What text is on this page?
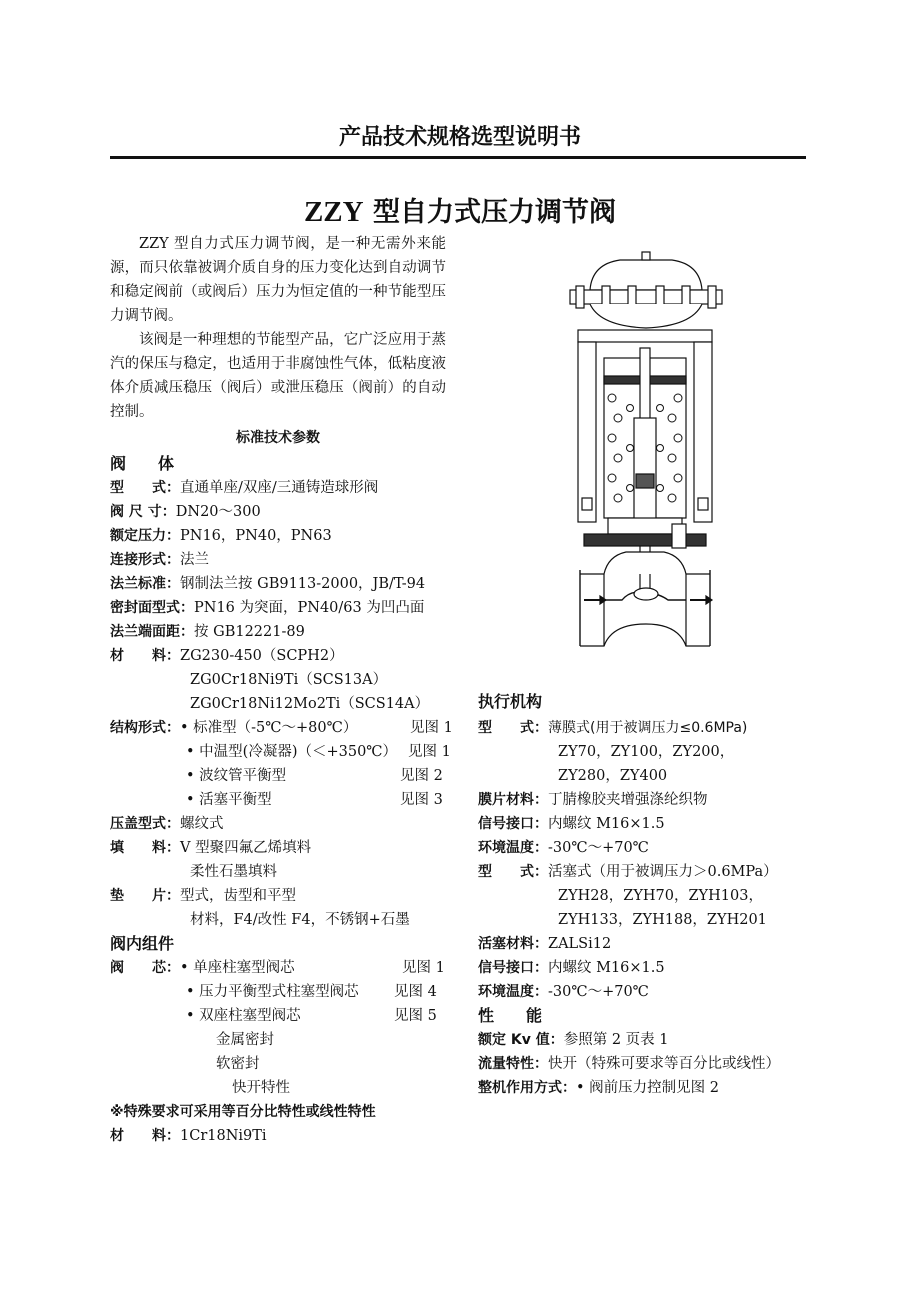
产品技术规格选型说明书
ZZY 型自力式压力调节阀

ZZY 型自力式压力调节阀，是一种无需外来能源，而只依靠被调介质自身的压力变化达到自动调节和稳定阀前（或阀后）压力为恒定值的一种节能型压力调节阀。

该阀是一种理想的节能型产品，它广泛应用于蒸汽的保压与稳定，也适用于非腐蚀性气体，低粘度液体介质减压稳压（阀后）或泄压稳压（阀前）的自动控制。

标准技术参数
阀　　体
型　　式：直通单座/双座/三通铸造球形阀
阀 尺 寸：DN20～300
额定压力：PN16，PN40，PN63
连接形式：法兰
法兰标准：钢制法兰按 GB9113-2000，JB/T-94
密封面型式：PN16 为突面，PN40/63 为凹凸面
法兰端面距：按 GB12221-89
材　　料：ZG230-450（SCPH2）
ZG0Cr18Ni9Ti（SCS13A）
ZG0Cr18Ni12Mo2Ti（SCS14A）
结构形式：• 标准型（-5℃～+80℃）	见图 1
• 中温型(冷凝器)（＜+350℃） 见图 1
• 波纹管平衡型	见图 2
• 活塞平衡型	见图 3
压盖型式：螺纹式
填　　料：V 型聚四氟乙烯填料
柔性石墨填料
垫　　片：型式，齿型和平型
材料，F4/改性 F4，不锈钢+石墨
阀内组件
阀　　芯：• 单座柱塞型阀芯	见图 1
• 压力平衡型式柱塞型阀芯 见图 4
• 双座柱塞型阀芯	见图 5
金属密封
软密封
快开特性
※特殊要求可采用等百分比特性或线性特性
材　　料：1Cr18Ni9Ti
执行机构
型　　式：薄膜式(用于被调压力≤0.6MPa)
ZY70，ZY100，ZY200，
ZY280，ZY400
膜片材料：丁腈橡胶夹增强涤纶织物
信号接口：内螺纹 M16×1.5
环境温度：-30℃～+70℃
型　　式：活塞式（用于被调压力＞0.6MPa）
ZYH28，ZYH70，ZYH103，
ZYH133，ZYH188，ZYH201
活塞材料：ZALSi12
信号接口：内螺纹 M16×1.5
环境温度：-30℃～+70℃
性　　能
额定 Kv 值：参照第 2 页表 1
流量特性：快开（特殊可要求等百分比或线性）
整机作用方式：• 阀前压力控制见图 2
